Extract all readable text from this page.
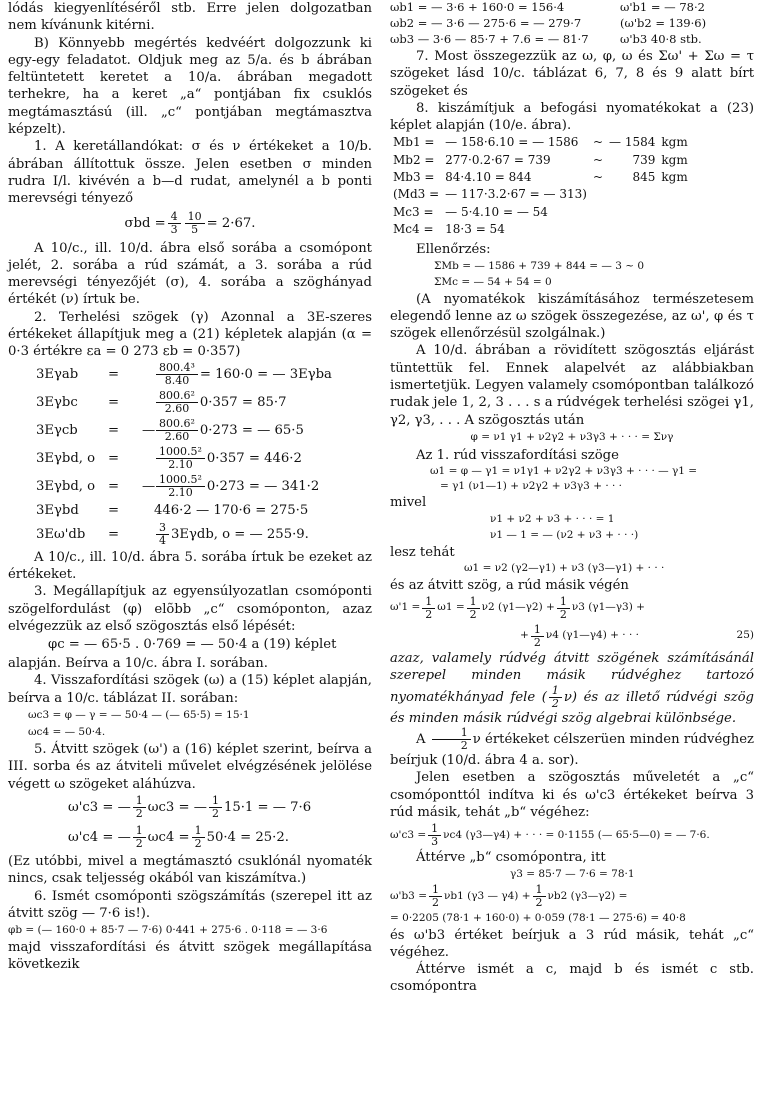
lódás kiegyenlítéséről stb. Erre jelen dolgozatban nem kívánunk kitérni.

B) Könnyebb megértés kedvéért dolgozzunk ki egy-egy feladatot. Oldjuk meg az 5/a. és b ábrában feltüntetett keretet a 10/a. ábrában megadott terhekre, ha a keret „a“ pontjában fix csuklós megtámasztású (ill. „c“ pontjában megtámasztva képzelt).

1. A keretállandókat: σ és ν értékeket a 10/b. ábrában állítottuk össze. Jelen esetben σ minden rudra I/l. kivévén a b—d rudat, amelynél a b ponti merevségi tényező

$\sigma bd = \frac{4}{3} \frac{10}{5} = 2\cdot 67$.

A 10/c., ill. 10/d. ábra első sorába a csomópont jelét, 2. sorába a rúd számát, a 3. sorába a rúd merevségi tényezőjét (σ), 4. sorába a szöghányad értékét (ν) írtuk be.

2. Terhelési szögek (γ) Azonnal a 3E-szeres értékeket állapítjuk meg a (21) képletek alapján (α = 0·3 értékre εa = 0 273 εb = 0·357)

3Eγab	=	$\frac{\text{800.4³}}{8.40} = 160\cdot 0$ = — 3Eγba
3Eγbc	=	$\frac{\text{800.6²}}{2.60} 0\cdot 357 = 85\cdot 7$
3Eγcb	=	— $\frac{\text{800.6²}}{2.60} 0\cdot 273$ = — 65·5
3Eγbd, o =	$\frac{\text{1000.5²}}{2.10} 0\cdot 357 = 446\cdot 2$
3Eγbd, o =	— $\frac{\text{1000.5²}}{2.10} 0\cdot 273$ = — 341·2
3Eγbd	=	446·2 — 170·6 = 275·5
3Eω'db	=	$\frac{3}{4} 3E\gamma db$, o = — 255·9.

A 10/c., ill. 10/d. ábra 5. sorába írtuk be ezeket az értékeket.

3. Megállapítjuk az egyensúlyozatlan csomóponti szögelfordulást (φ) elõbb „c“ csomóponton, azaz elvégezzük az első szögosztás első lépését:

φc = — 65·5 . 0·769 = — 50·4 a (19) képlet

alapján. Beírva a 10/c. ábra I. sorában.

4. Visszafordítási szögek (ω) a (15) képlet alapján, beírva a 10/c. táblázat II. sorában:

ωc3 = φ — γ = — 50·4 — (— 65·5) = 15·1
ωc4 = — 50·4.

5. Átvitt szögek (ω') a (16) képlet szerint, beírva a III. sorba és az átviteli művelet elvégzésének jelölése végett ω szögeket aláhúzva.

ω'c3 = — $\frac{1}{2} \omega c3$ = — $\frac{1}{2} 15\cdot 1$ = — 7·6
ω'c4 = — $\frac{1}{2} \omega c4 = \frac{1}{2} 50\cdot 4 = 25\cdot 2$.

(Ez utóbbi, mivel a megtámasztó csuklónál nyomaték nincs, csak teljesség okából van kiszámítva.)

6. Ismét csomóponti szögszámítás (szerepel itt az átvitt szög — 7·6 is!).

φb = (— 160·0 + 85·7 — 7·6) 0·441 + 275·6 . 0·118 = — 3·6

majd visszafordítási és átvitt szögek megállapítása következik

ωb1 = — 3·6 + 160·0 = 156·4	ω'b1 = — 78·2
ωb2 = — 3·6 — 275·6 = — 279·7	(ω'b2 = 139·6)
ωb3 — 3·6 — 85·7 + 7.6 = — 81·7	ω'b3 40·8 stb.

7. Most összegezzük az ω, φ, ω és Σω' + Σω = τ szögeket lásd 10/c. táblázat 6, 7, 8 és 9 alatt bírt szögeket és

8. kiszámítjuk a befogási nyomatékokat a (23) képlet alapján (10/e. ábra).

Mb1 =	— 158·6.10 = — 1586	~	— 1584	kgm
Mb2 =	277·0.2·67 = 739	~	739	kgm
Mb3 =	84·4.10 = 844	~	845	kgm
(Md3 =	— 117·3.2·67 = — 313)			
Mc3 =	— 5·4.10 = — 54			
Mc4 =	18·3 = 54			

Ellenőrzés:

ΣMb = — 1586 + 739 + 844 = — 3 ~ 0
ΣMc = — 54 + 54 = 0

(A nyomatékok kiszámításához természetesem elegendő lenne az ω szögek összegezése, az ω', φ és τ szögek ellenőrzésül szolgálnak.)

A 10/d. ábrában a rövidített szögosztás eljárást tüntettük fel. Ennek alapelvét az alábbiakban ismertetjük. Legyen valamely csomópontban találkozó rudak jele 1, 2, 3 . . . s a rúdvégek terhelési szögei γ1, γ2, γ3, . . . A szögosztás után

φ = ν1 γ1 + ν2γ2 + ν3γ3 + · · · = Σνγ

Az 1. rúd visszafordítási szöge

ω1 = φ — γ1 = ν1γ1 + ν2γ2 + ν3γ3 + · · · — γ1 =
= γ1 (ν1—1) + ν2γ2 + ν3γ3 + · · ·

mivel

ν1 + ν2 + ν3 + · · · = 1
ν1 — 1 = — (ν2 + ν3 + · · ·)

lesz tehát

ω1 = ν2 (γ2—γ1) + ν3 (γ3—γ1) + · · ·

és az átvitt szög, a rúd másik végén

$\omega'1 = \frac{1}{2} \omega 1 = \frac{1}{2} \nu 2$ (γ1—γ2) + $\frac{1}{2} \nu 3$ (γ1—γ3) +
+ $\frac{1}{2} \nu 4$ (γ1—γ4) + · · ·	25)

azaz, valamely rúdvég átvitt szögének számításánál szerepel minden másik rúdvéghez tartozó nyomatékhányad fele ( $\frac{1}{2} \nu$) és az illető rúdvégi szög és minden másik rúdvégi szög algebrai különbsége.

A $\frac{1}{2}$ ν értékeket célszerüen minden rúdvéghez beírjuk (10/d. ábra 4 a. sor).

Jelen esetben a szögosztás műveletét a „c“ csomóponttól indítva ki és ω'c3 értékeket beírva 3 rúd másik, tehát „b“ végéhez:

$\omega'c3 = \frac{1}{3} \nu c4$ (γ3—γ4) + · · · = 0·1155 (— 65·5—0) = — 7·6.

Áttérve „b“ csomópontra, itt

γ3 = 85·7 — 7·6 = 78·1
$\omega'b3 = \frac{1}{2} \nu b1$ (γ3 — $\gamma 4) + \frac{1}{2} \nu b2$ (γ3—γ2) =
= 0·2205 (78·1 + 160·0) + 0·059 (78·1 — 275·6) = 40·8

és ω'b3 értéket beírjuk a 3 rúd másik, tehát „c“ végéhez.

Áttérve ismét a c, majd b és ismét c stb. csomópontra
